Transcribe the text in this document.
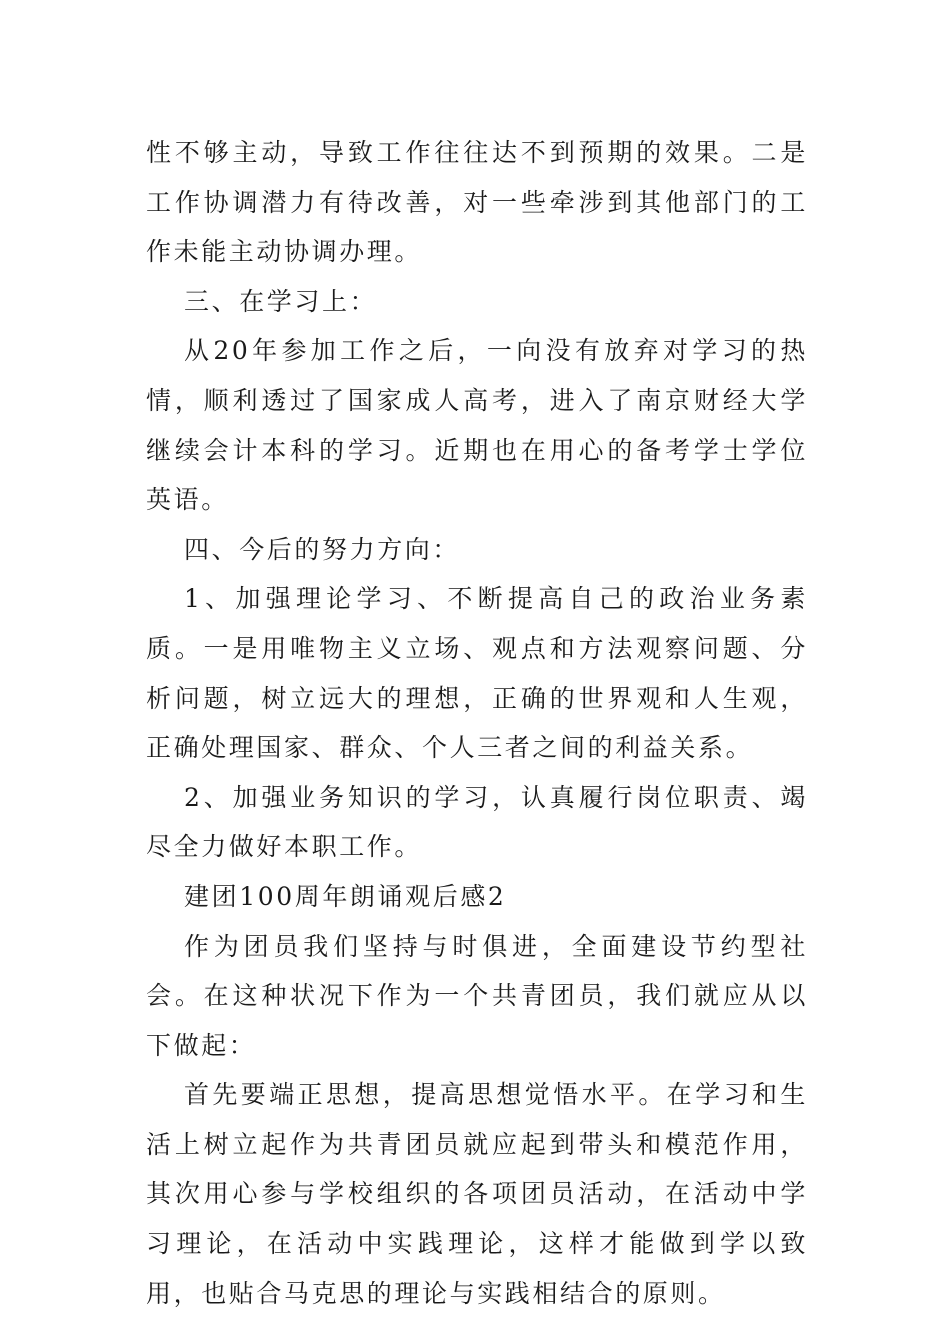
性不够主动，导致工作往往达不到预期的效果。二是工作协调潜力有待改善，对一些牵涉到其他部门的工作未能主动协调办理。

三、在学习上：

从20年参加工作之后，一向没有放弃对学习的热情，顺利透过了国家成人高考，进入了南京财经大学继续会计本科的学习。近期也在用心的备考学士学位英语。

四、今后的努力方向：

1、加强理论学习、不断提高自己的政治业务素质。一是用唯物主义立场、观点和方法观察问题、分析问题，树立远大的理想，正确的世界观和人生观，正确处理国家、群众、个人三者之间的利益关系。

2、加强业务知识的学习，认真履行岗位职责、竭尽全力做好本职工作。

建团100周年朗诵观后感2

作为团员我们坚持与时俱进，全面建设节约型社会。在这种状况下作为一个共青团员，我们就应从以下做起：

首先要端正思想，提高思想觉悟水平。在学习和生活上树立起作为共青团员就应起到带头和模范作用，其次用心参与学校组织的各项团员活动，在活动中学习理论，在活动中实践理论，这样才能做到学以致用，也贴合马克思的理论与实践相结合的原则。
